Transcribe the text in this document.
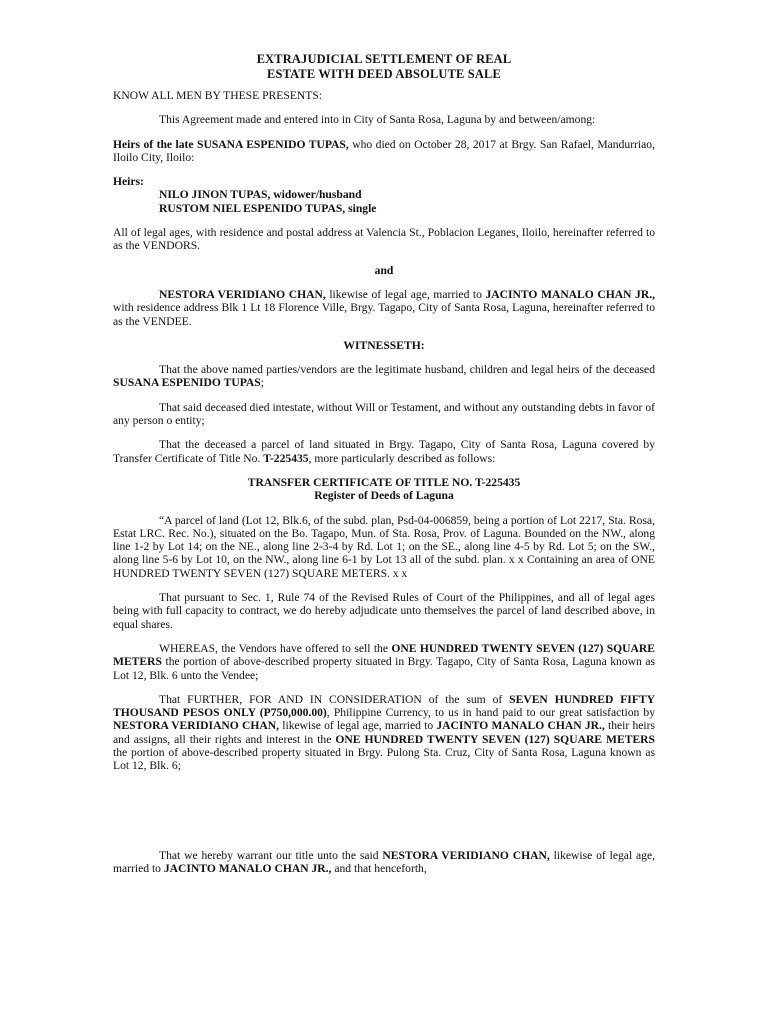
EXTRAJUDICIAL SETTLEMENT OF REAL
ESTATE WITH DEED ABSOLUTE SALE

KNOW ALL MEN BY THESE PRESENTS:

This Agreement made and entered into in City of Santa Rosa, Laguna by and between/among:

Heirs of the late SUSANA ESPENIDO TUPAS, who died on October 28, 2017 at Brgy. San Rafael, Mandurriao, Iloilo City, Iloilo:

Heirs:

NILO JINON TUPAS, widower/husband
RUSTOM NIEL ESPENIDO TUPAS, single

All of legal ages, with residence and postal address at Valencia St., Poblacion Leganes, Iloilo, hereinafter referred to as the VENDORS.

and

NESTORA VERIDIANO CHAN, likewise of legal age, married to JACINTO MANALO CHAN JR., with residence address Blk 1 Lt 18 Florence Ville, Brgy. Tagapo, City of Santa Rosa, Laguna, hereinafter referred to as the VENDEE.

WITNESSETH:

That the above named parties/vendors are the legitimate husband, children and legal heirs of the deceased SUSANA ESPENIDO TUPAS;

That said deceased died intestate, without Will or Testament, and without any outstanding debts in favor of any person o entity;

That the deceased a parcel of land situated in Brgy. Tagapo, City of Santa Rosa, Laguna covered by Transfer Certificate of Title No. T-225435, more particularly described as follows:

TRANSFER CERTIFICATE OF TITLE NO. T-225435

Register of Deeds of Laguna

“A parcel of land (Lot 12, Blk.6, of the subd. plan, Psd-04-006859, being a portion of Lot 2217, Sta. Rosa, Estat LRC. Rec. No.), situated on the Bo. Tagapo, Mun. of Sta. Rosa, Prov. of Laguna. Bounded on the NW., along line 1-2 by Lot 14; on the NE., along line 2-3-4 by Rd. Lot 1; on the SE., along line 4-5 by Rd. Lot 5; on the SW., along line 5-6 by Lot 10, on the NW., along line 6-1 by Lot 13 all of the subd. plan. x x Containing an area of ONE HUNDRED TWENTY SEVEN (127) SQUARE METERS. x x

That pursuant to Sec. 1, Rule 74 of the Revised Rules of Court of the Philippines, and all of legal ages being with full capacity to contract, we do hereby adjudicate unto themselves the parcel of land described above, in equal shares.

WHEREAS, the Vendors have offered to sell the ONE HUNDRED TWENTY SEVEN (127) SQUARE METERS the portion of above-described property situated in Brgy. Tagapo, City of Santa Rosa, Laguna known as Lot 12, Blk. 6 unto the Vendee;

That FURTHER, FOR AND IN CONSIDERATION of the sum of SEVEN HUNDRED FIFTY THOUSAND PESOS ONLY (P750,000.00), Philippine Currency, to us in hand paid to our great satisfaction by NESTORA VERIDIANO CHAN, likewise of legal age, married to JACINTO MANALO CHAN JR., their heirs and assigns, all their rights and interest in the ONE HUNDRED TWENTY SEVEN (127) SQUARE METERS the portion of above-described property situated in Brgy. Pulong Sta. Cruz, City of Santa Rosa, Laguna known as Lot 12, Blk. 6;

That we hereby warrant our title unto the said NESTORA VERIDIANO CHAN, likewise of legal age, married to JACINTO MANALO CHAN JR., and that henceforth,
